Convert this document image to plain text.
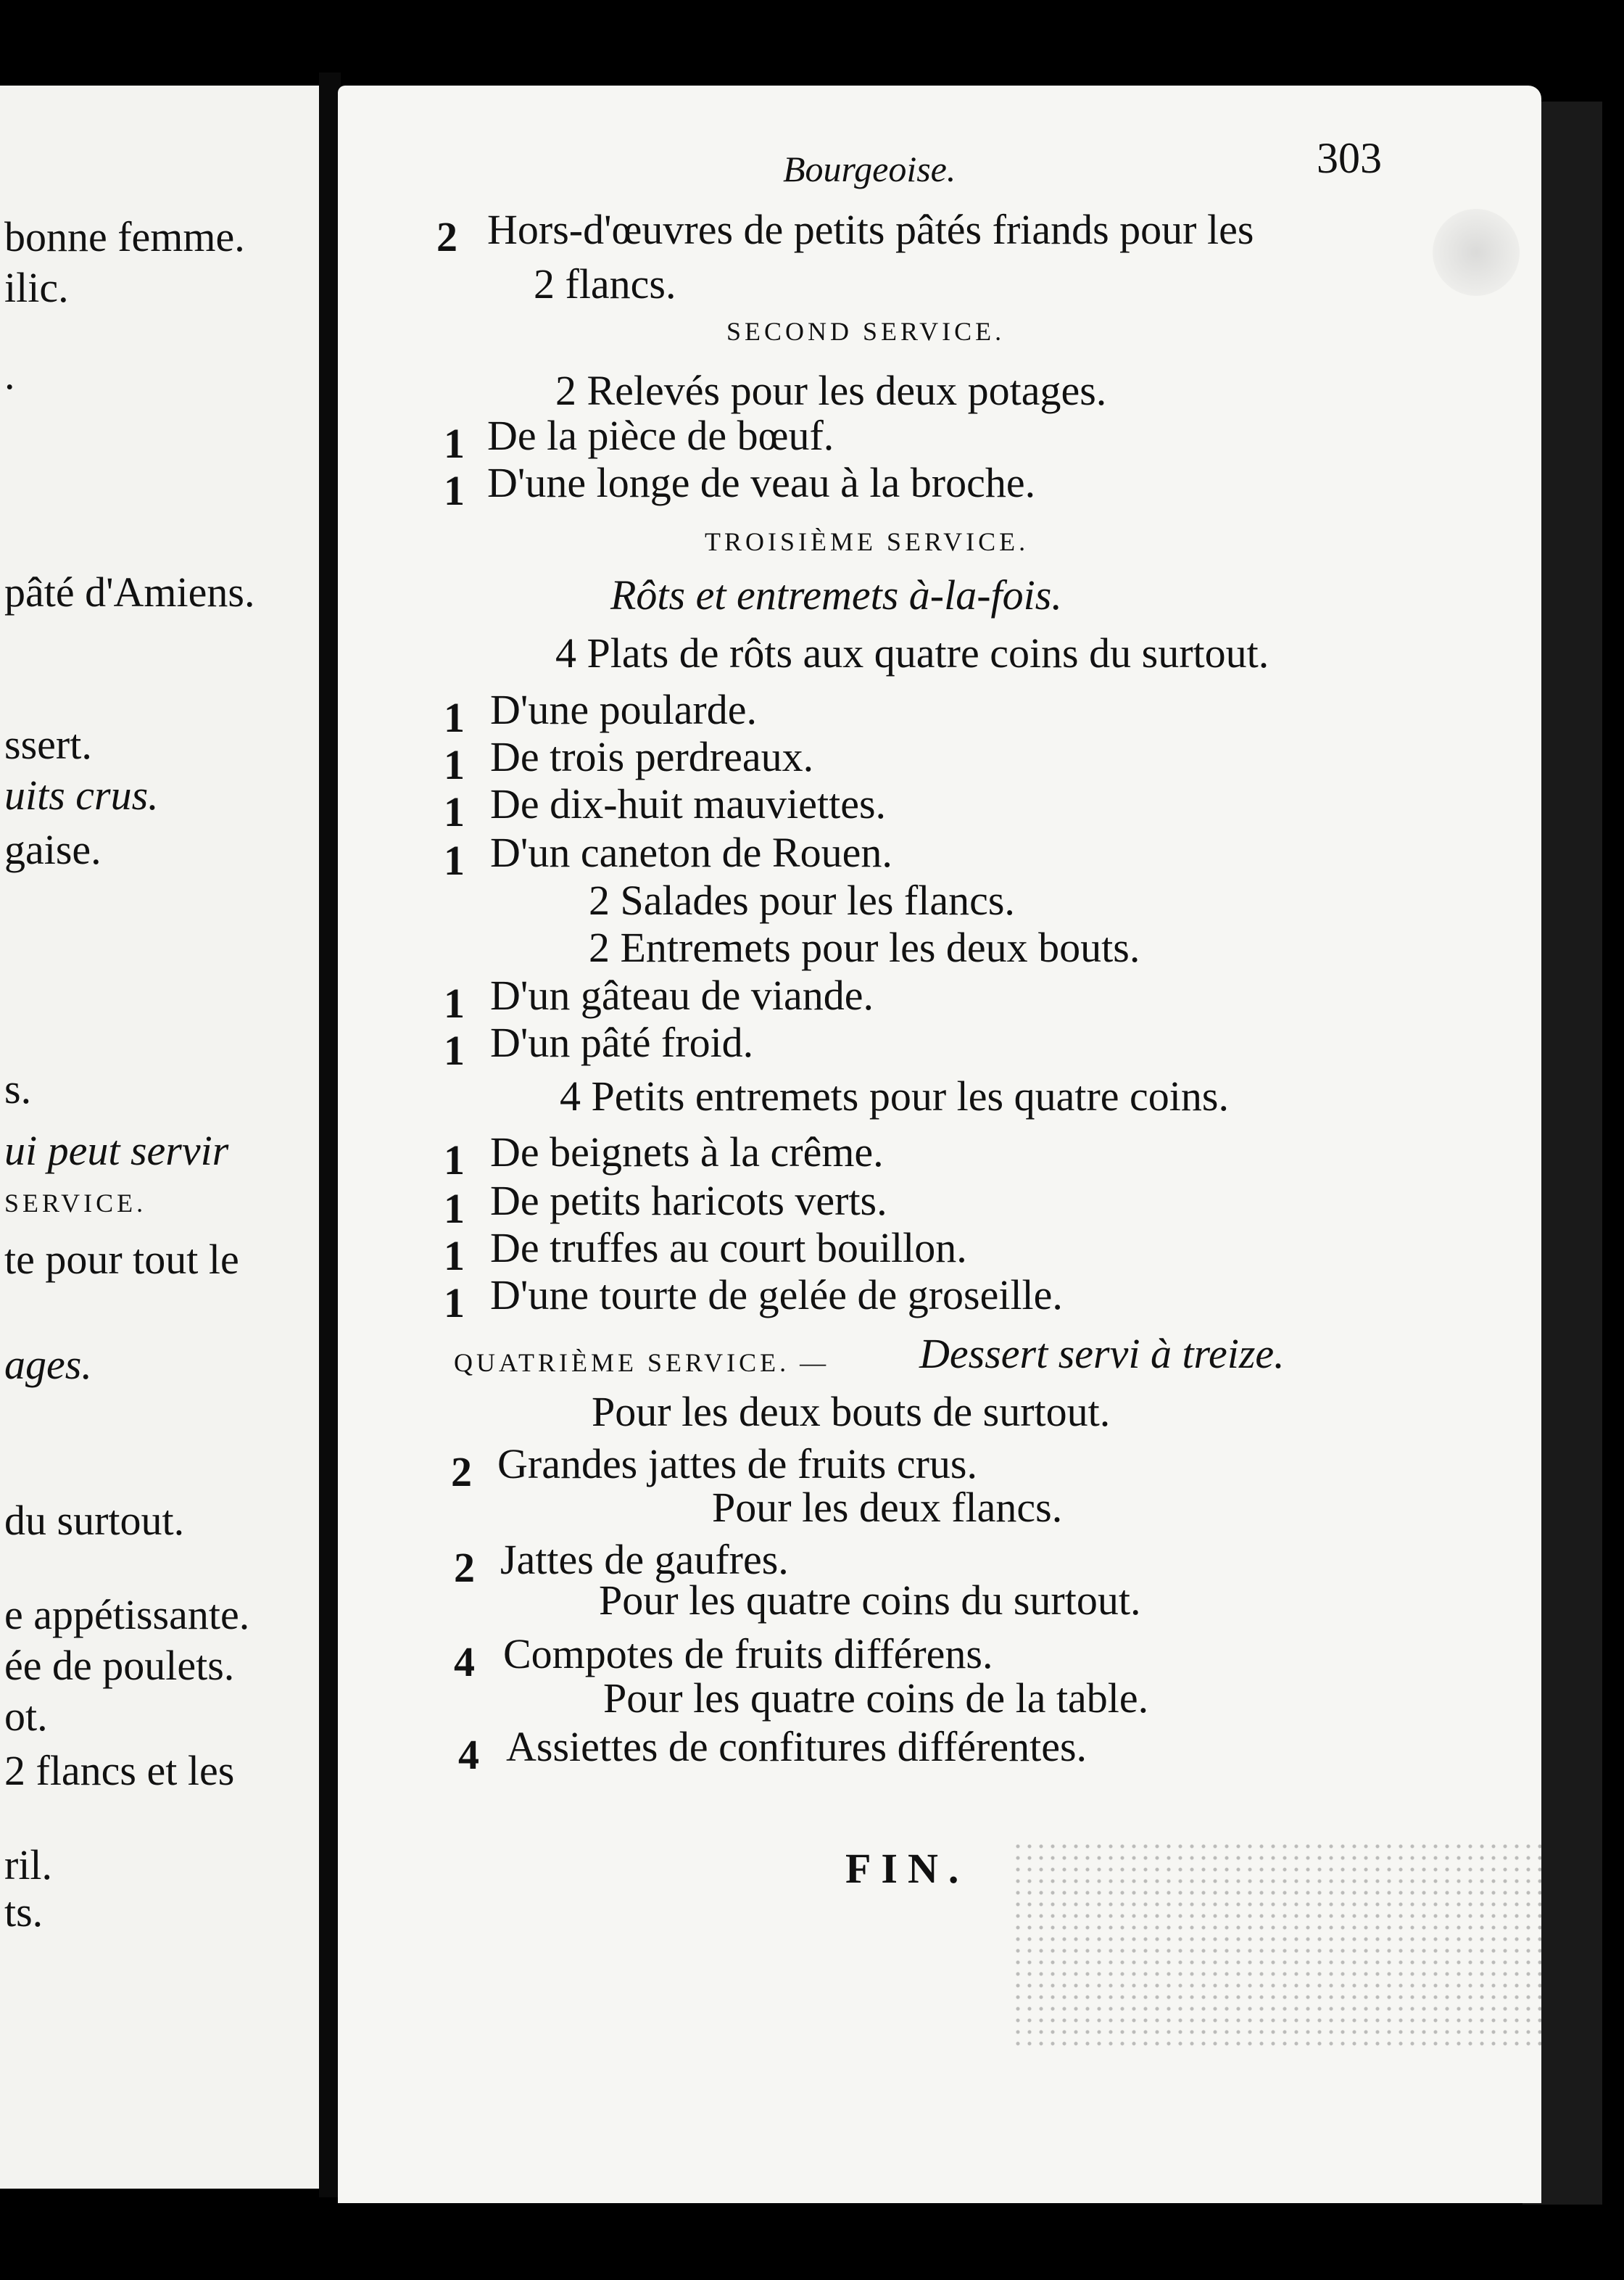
bonne femme.
ilic.
.
pâté d'Amiens.
ssert.
uits crus.
gaise.
s.
ui peut servir
SERVICE.
te pour tout le
ages.
du surtout.
e appétissante.
ée de poulets.
ot.
2 flancs et les
ril.
ts.
Bourgeoise.	303
2 Hors-d'œuvres de petits pâtés friands pour les
2 flancs.
SECOND SERVICE.
2 Relevés pour les deux potages.
1 De la pièce de bœuf.
1 D'une longe de veau à la broche.
TROISIÈME SERVICE.
Rôts et entremets à-la-fois.
4 Plats de rôts aux quatre coins du surtout.
1 D'une poularde.
1 De trois perdreaux.
1 De dix-huit mauviettes.
1 D'un caneton de Rouen.
2 Salades pour les flancs.
2 Entremets pour les deux bouts.
1 D'un gâteau de viande.
1 D'un pâté froid.
4 Petits entremets pour les quatre coins.
1 De beignets à la crême.
1 De petits haricots verts.
1 De truffes au court bouillon.
1 D'une tourte de gelée de groseille.
QUATRIÈME SERVICE. — Dessert servi à treize.
Pour les deux bouts de surtout.
2 Grandes jattes de fruits crus.
Pour les deux flancs.
2 Jattes de gaufres.
Pour les quatre coins du surtout.
4 Compotes de fruits différens.
Pour les quatre coins de la table.
4 Assiettes de confitures différentes.
FIN.
